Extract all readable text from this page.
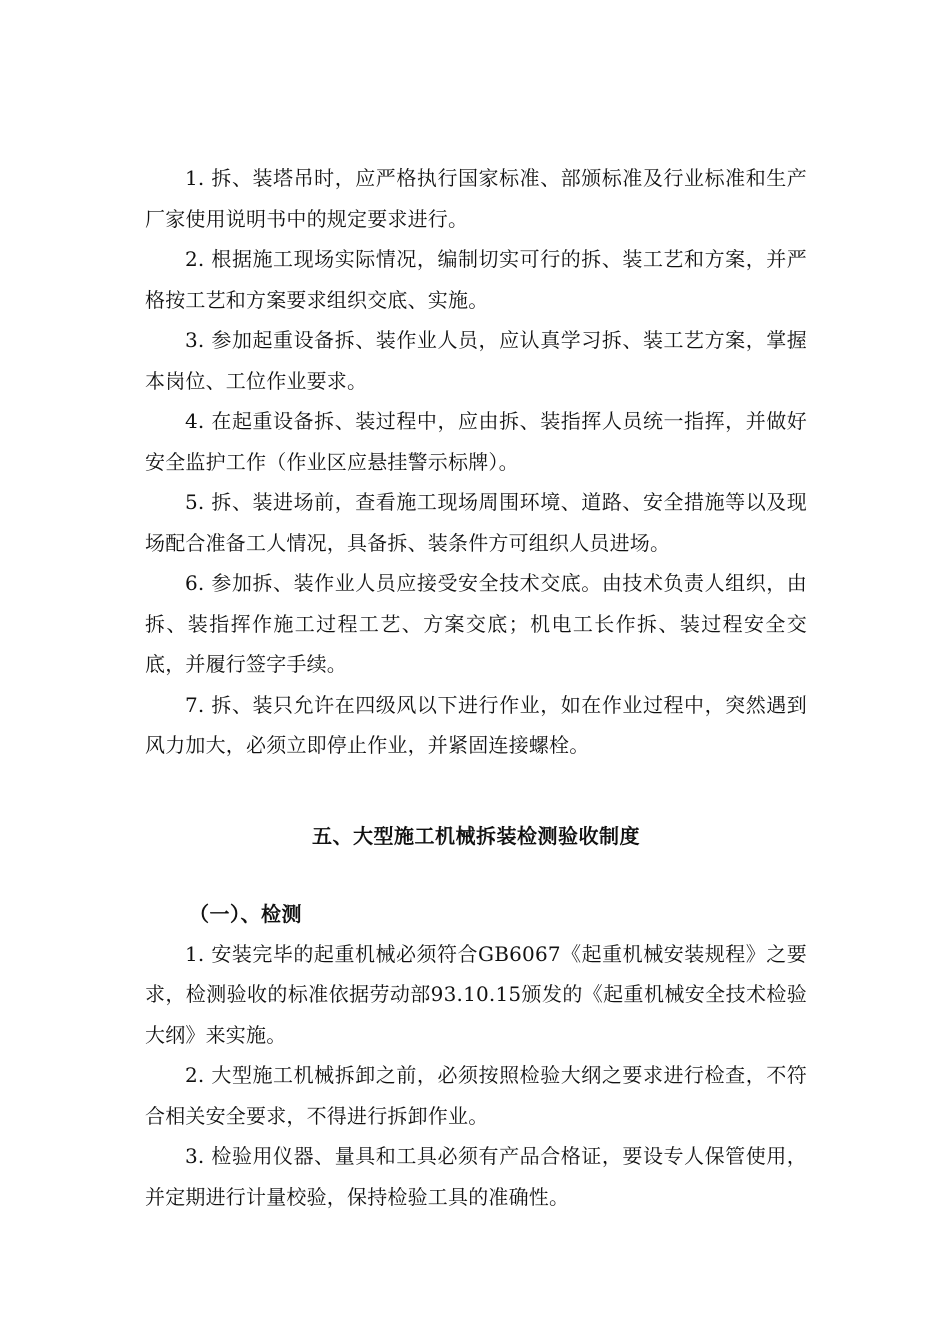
1. 拆、装塔吊时，应严格执行国家标准、部颁标准及行业标准和生产厂家使用说明书中的规定要求进行。

2. 根据施工现场实际情况，编制切实可行的拆、装工艺和方案，并严格按工艺和方案要求组织交底、实施。

3. 参加起重设备拆、装作业人员，应认真学习拆、装工艺方案，掌握本岗位、工位作业要求。

4. 在起重设备拆、装过程中，应由拆、装指挥人员统一指挥，并做好安全监护工作（作业区应悬挂警示标牌）。

5. 拆、装进场前，查看施工现场周围环境、道路、安全措施等以及现场配合准备工人情况，具备拆、装条件方可组织人员进场。

6. 参加拆、装作业人员应接受安全技术交底。由技术负责人组织，由拆、装指挥作施工过程工艺、方案交底；机电工长作拆、装过程安全交底，并履行签字手续。

7. 拆、装只允许在四级风以下进行作业，如在作业过程中，突然遇到风力加大，必须立即停止作业，并紧固连接螺栓。

五、大型施工机械拆装检测验收制度
（一）、检测

1. 安装完毕的起重机械必须符合GB6067《起重机械安装规程》之要求，检测验收的标准依据劳动部93.10.15颁发的《起重机械安全技术检验大纲》来实施。

2. 大型施工机械拆卸之前，必须按照检验大纲之要求进行检查，不符合相关安全要求，不得进行拆卸作业。

3. 检验用仪器、量具和工具必须有产品合格证，要设专人保管使用，并定期进行计量校验，保持检验工具的准确性。
